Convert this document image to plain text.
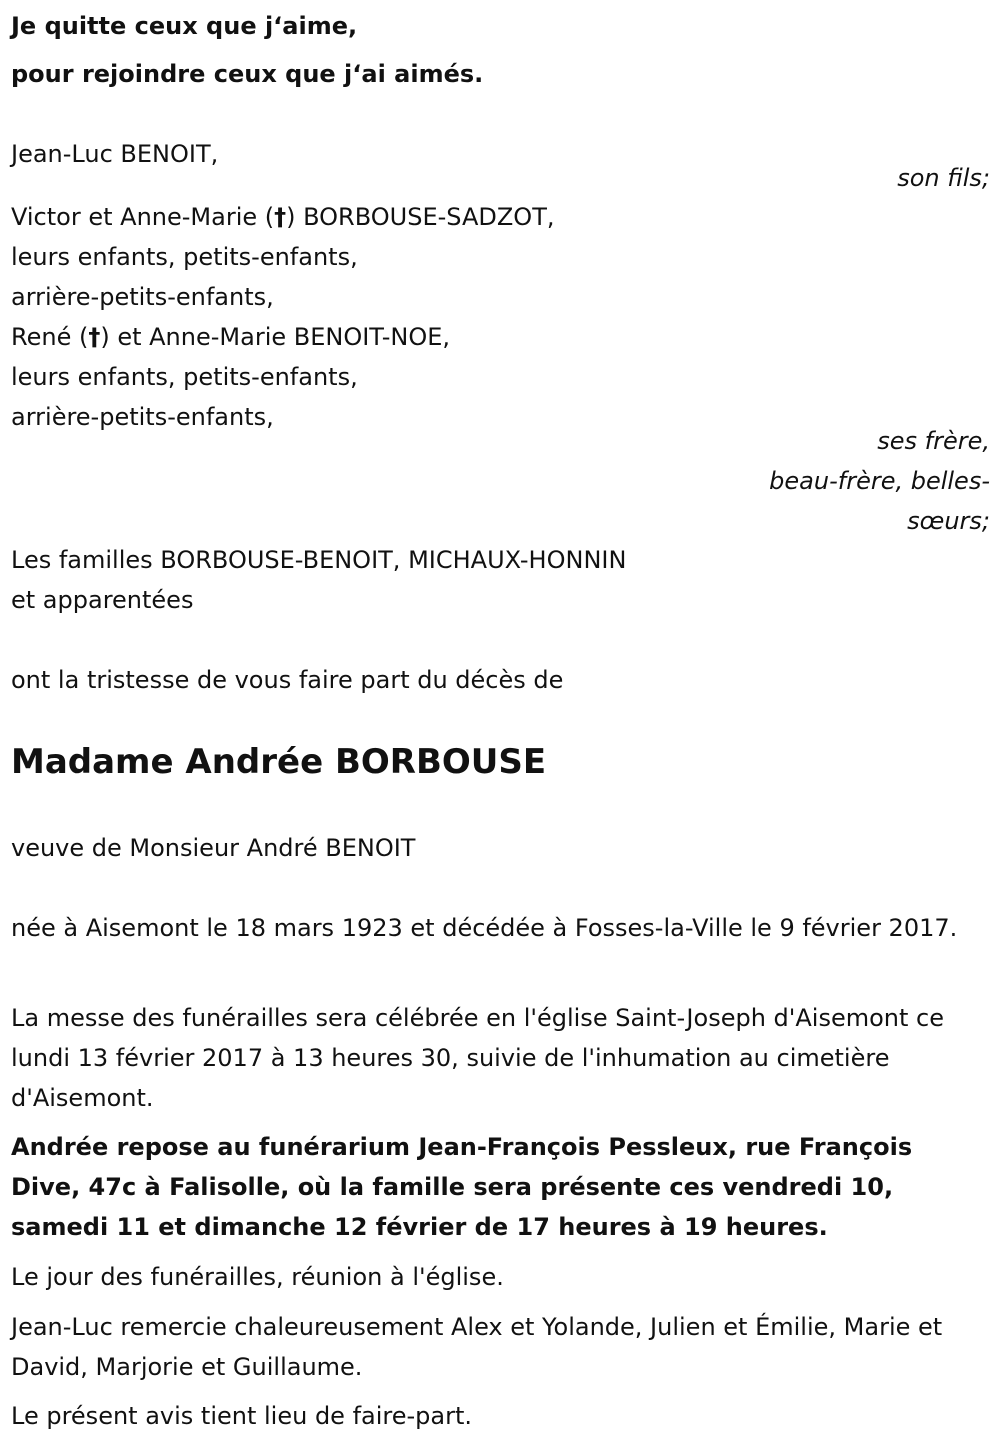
Je quitte ceux que j‘aime,

pour rejoindre ceux que j‘ai aimés.

Jean-Luc BENOIT,

son fils;

Victor et Anne-Marie (†) BORBOUSE-SADZOT,

leurs enfants, petits-enfants,

arrière-petits-enfants,

René (†) et Anne-Marie BENOIT-NOE,

leurs enfants, petits-enfants,

arrière-petits-enfants,

ses frère,

beau-frère, belles-

sœurs;

Les familles BORBOUSE-BENOIT, MICHAUX-HONNIN

et apparentées

ont la tristesse de vous faire part du décès de

Madame Andrée BORBOUSE

veuve de Monsieur André BENOIT

née à Aisemont le 18 mars 1923 et décédée à Fosses-la-Ville le 9 février 2017.

La messe des funérailles sera célébrée en l'église Saint-Joseph d'Aisemont ce lundi 13 février 2017 à 13 heures 30, suivie de l'inhumation au cimetière d'Aisemont.

Andrée repose au funérarium Jean-François Pessleux, rue François Dive, 47c à Falisolle, où la famille sera présente ces vendredi 10, samedi 11 et dimanche 12 février de 17 heures à 19 heures.

Le jour des funérailles, réunion à l'église.

Jean-Luc remercie chaleureusement Alex et Yolande, Julien et Émilie, Marie et David, Marjorie et Guillaume.

Le présent avis tient lieu de faire-part.
